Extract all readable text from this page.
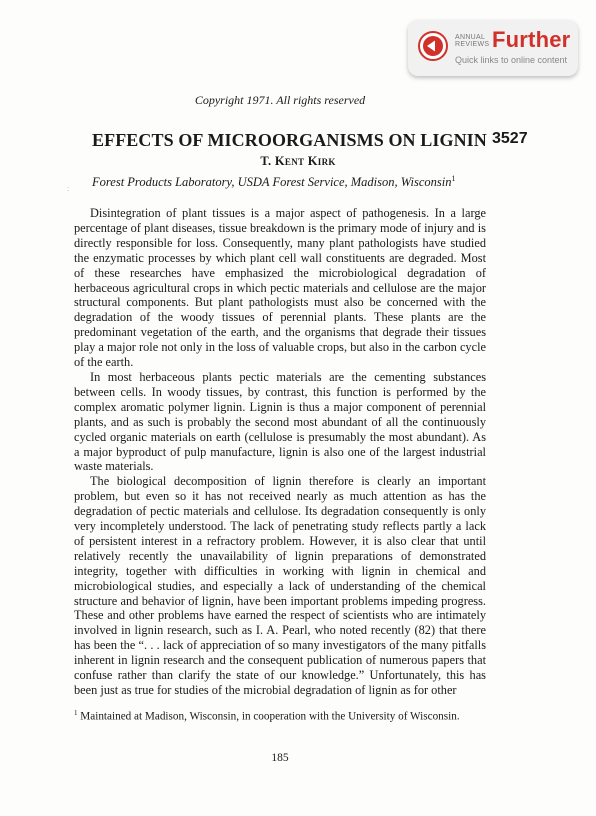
ANNUAL
REVIEWS Further
Quick links to online content
Copyright 1971. All rights reserved
EFFECTS OF MICROORGANISMS ON LIGNIN 3527
T. Kent Kirk
Forest Products Laboratory, USDA Forest Service, Madison, Wisconsin$^1$
:

Disintegration of plant tissues is a major aspect of pathogenesis. In a large percentage of plant diseases, tissue breakdown is the primary mode of injury and is directly responsible for loss. Consequently, many plant pathologists have studied the enzymatic processes by which plant cell wall constituents are degraded. Most of these researches have emphasized the microbiological degradation of herbaceous agricultural crops in which pectic materials and cellulose are the major structural components. But plant pathologists must also be concerned with the degradation of the woody tissues of perennial plants. These plants are the predominant vegetation of the earth, and the organisms that degrade their tissues play a major role not only in the loss of valuable crops, but also in the carbon cycle of the earth.

In most herbaceous plants pectic materials are the cementing substances between cells. In woody tissues, by contrast, this function is performed by the complex aromatic polymer lignin. Lignin is thus a major component of perennial plants, and as such is probably the second most abundant of all the continuously cycled organic materials on earth (cellulose is presumably the most abundant). As a major byproduct of pulp manufacture, lignin is also one of the largest industrial waste materials.

The biological decomposition of lignin therefore is clearly an important problem, but even so it has not received nearly as much attention as has the degradation of pectic materials and cellulose. Its degradation consequently is only very incompletely understood. The lack of penetrating study reflects partly a lack of persistent interest in a refractory problem. However, it is also clear that until relatively recently the unavailability of lignin preparations of demonstrated integrity, together with difficulties in working with lignin in chemical and microbiological studies, and especially a lack of understanding of the chemical structure and behavior of lignin, have been important problems impeding progress. These and other problems have earned the respect of scientists who are intimately involved in lignin research, such as I. A. Pearl, who noted recently (82) that there has been the “. . . lack of appreciation of so many investigators of the many pitfalls inherent in lignin research and the consequent publication of numerous papers that confuse rather than clarify the state of our knowledge.” Unfortunately, this has been just as true for studies of the microbial degradation of lignin as for other

$^1$ Maintained at Madison, Wisconsin, in cooperation with the University of Wisconsin.
185
